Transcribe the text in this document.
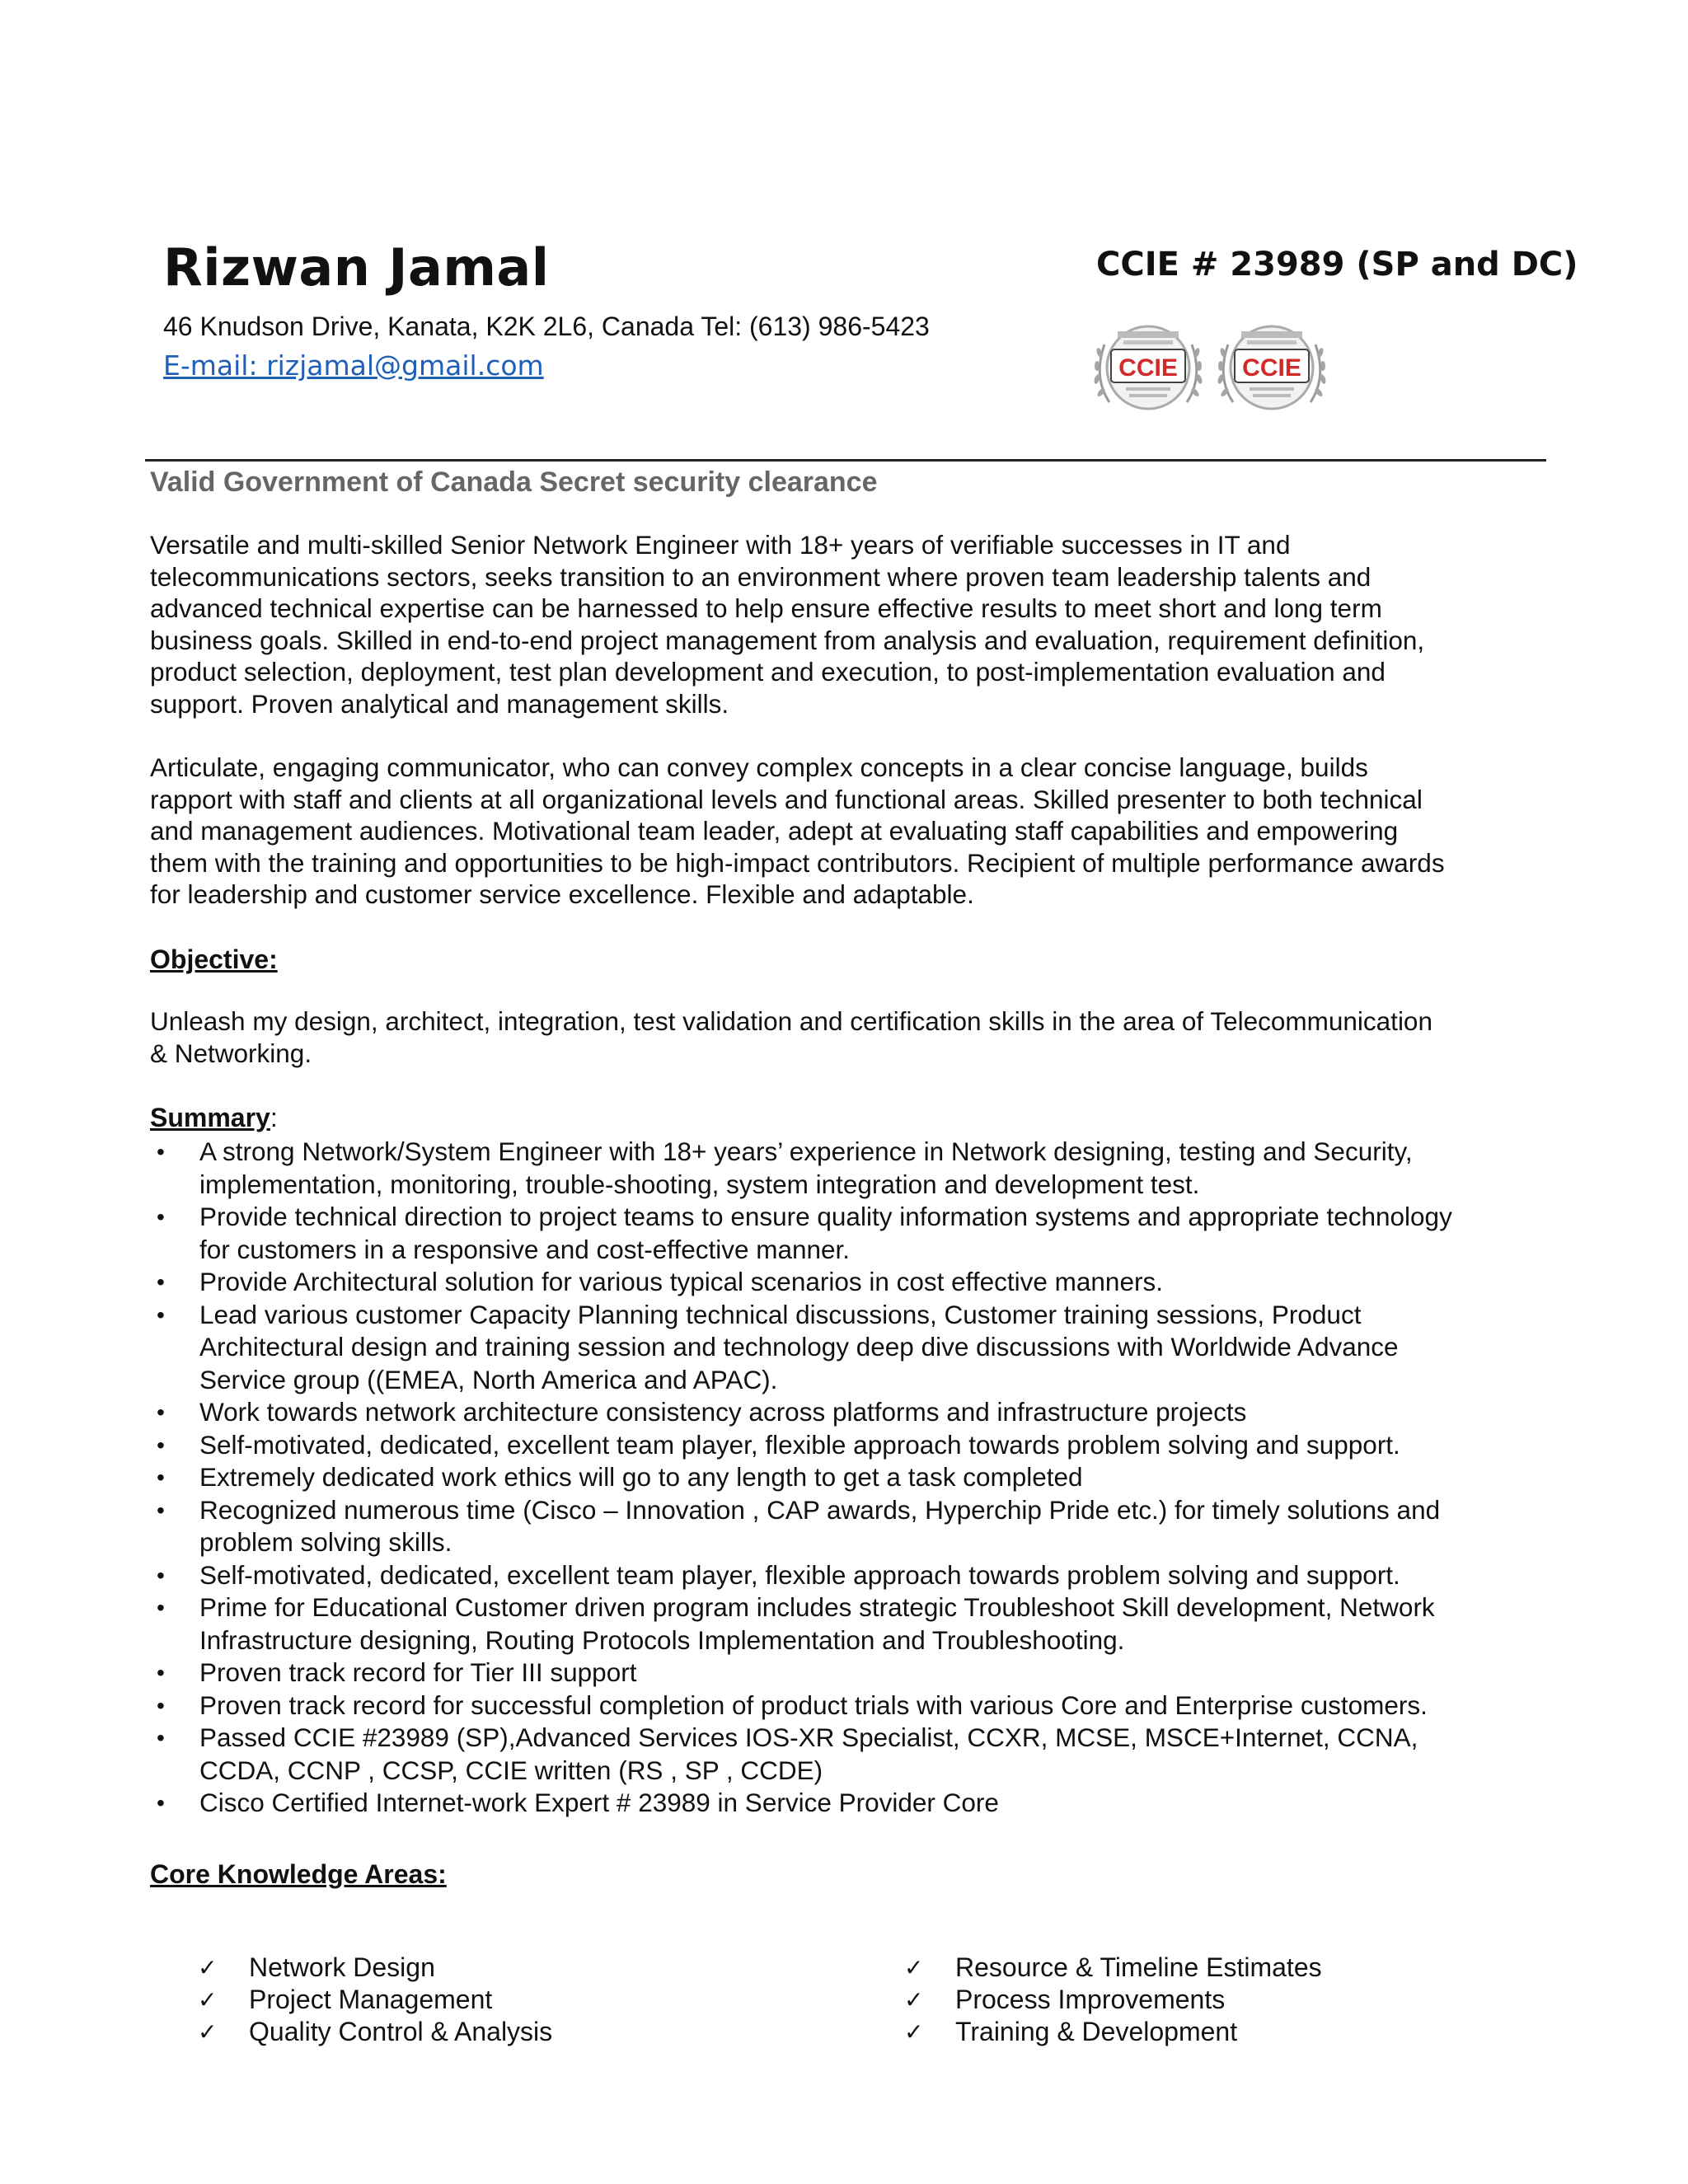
Rizwan Jamal	CCIE # 23989 (SP and DC)
46 Knudson Drive, Kanata, K2K 2L6, Canada Tel: (613) 986-5423
E-mail: rizjamal@gmail.com	CCIE	CCIE
Valid Government of Canada Secret security clearance
Versatile and multi-skilled Senior Network Engineer with 18+ years of verifiable successes in IT and
telecommunications sectors, seeks transition to an environment where proven team leadership talents and
advanced technical expertise can be harnessed to help ensure effective results to meet short and long term
business goals. Skilled in end-to-end project management from analysis and evaluation, requirement definition,
product selection, deployment, test plan development and execution, to post-implementation evaluation and
support. Proven analytical and management skills.
Articulate, engaging communicator, who can convey complex concepts in a clear concise language, builds
rapport with staff and clients at all organizational levels and functional areas. Skilled presenter to both technical
and management audiences. Motivational team leader, adept at evaluating staff capabilities and empowering
them with the training and opportunities to be high-impact contributors. Recipient of multiple performance awards
for leadership and customer service excellence. Flexible and adaptable.
Objective:
Unleash my design, architect, integration, test validation and certification skills in the area of Telecommunication
& Networking.
Summary:
• A strong Network/System Engineer with 18+ years’ experience in Network designing, testing and Security,
implementation, monitoring, trouble-shooting, system integration and development test.
• Provide technical direction to project teams to ensure quality information systems and appropriate technology
for customers in a responsive and cost-effective manner.
• Provide Architectural solution for various typical scenarios in cost effective manners.
• Lead various customer Capacity Planning technical discussions, Customer training sessions, Product
Architectural design and training session and technology deep dive discussions with Worldwide Advance
Service group ((EMEA, North America and APAC).
• Work towards network architecture consistency across platforms and infrastructure projects
• Self-motivated, dedicated, excellent team player, flexible approach towards problem solving and support.
• Extremely dedicated work ethics will go to any length to get a task completed
• Recognized numerous time (Cisco – Innovation , CAP awards, Hyperchip Pride etc.) for timely solutions and
problem solving skills.
• Self-motivated, dedicated, excellent team player, flexible approach towards problem solving and support.
• Prime for Educational Customer driven program includes strategic Troubleshoot Skill development, Network
Infrastructure designing, Routing Protocols Implementation and Troubleshooting.
• Proven track record for Tier III support
• Proven track record for successful completion of product trials with various Core and Enterprise customers.
• Passed CCIE #23989 (SP),Advanced Services IOS-XR Specialist, CCXR, MCSE, MSCE+Internet, CCNA,
CCDA, CCNP , CCSP, CCIE written (RS , SP , CCDE)
• Cisco Certified Internet-work Expert # 23989 in Service Provider Core
Core Knowledge Areas:
✓ Network Design
✓ Project Management
✓ Quality Control & Analysis
✓ Resource & Timeline Estimates
✓ Process Improvements
✓ Training & Development
